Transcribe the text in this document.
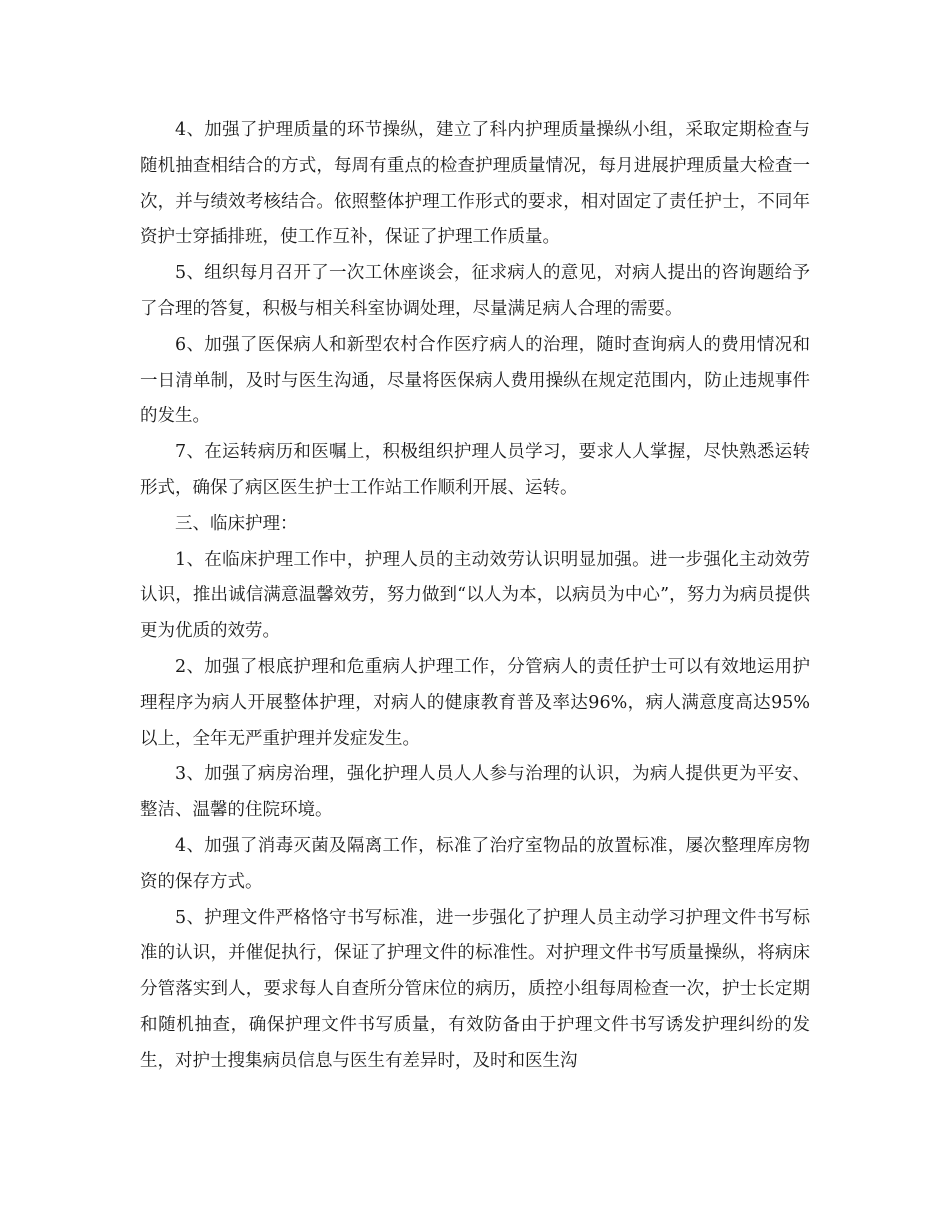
4、加强了护理质量的环节操纵，建立了科内护理质量操纵小组，采取定期检查与随机抽查相结合的方式，每周有重点的检查护理质量情况，每月进展护理质量大检查一次，并与绩效考核结合。依照整体护理工作形式的要求，相对固定了责任护士，不同年资护士穿插排班，使工作互补，保证了护理工作质量。

5、组织每月召开了一次工休座谈会，征求病人的意见，对病人提出的咨询题给予了合理的答复，积极与相关科室协调处理，尽量满足病人合理的需要。

6、加强了医保病人和新型农村合作医疗病人的治理，随时查询病人的费用情况和一日清单制，及时与医生沟通，尽量将医保病人费用操纵在规定范围内，防止违规事件的发生。

7、在运转病历和医嘱上，积极组织护理人员学习，要求人人掌握，尽快熟悉运转形式，确保了病区医生护士工作站工作顺利开展、运转。

三、临床护理：

1、在临床护理工作中，护理人员的主动效劳认识明显加强。进一步强化主动效劳认识，推出诚信满意温馨效劳，努力做到“以人为本，以病员为中心”，努力为病员提供更为优质的效劳。

2、加强了根底护理和危重病人护理工作，分管病人的责任护士可以有效地运用护理程序为病人开展整体护理，对病人的健康教育普及率达96%，病人满意度高达95%以上，全年无严重护理并发症发生。

3、加强了病房治理，强化护理人员人人参与治理的认识，为病人提供更为平安、整洁、温馨的住院环境。

4、加强了消毒灭菌及隔离工作，标准了治疗室物品的放置标准，屡次整理库房物资的保存方式。

5、护理文件严格恪守书写标准，进一步强化了护理人员主动学习护理文件书写标准的认识，并催促执行，保证了护理文件的标准性。对护理文件书写质量操纵，将病床分管落实到人，要求每人自查所分管床位的病历，质控小组每周检查一次，护士长定期和随机抽查，确保护理文件书写质量，有效防备由于护理文件书写诱发护理纠纷的发生，对护士搜集病员信息与医生有差异时，及时和医生沟
